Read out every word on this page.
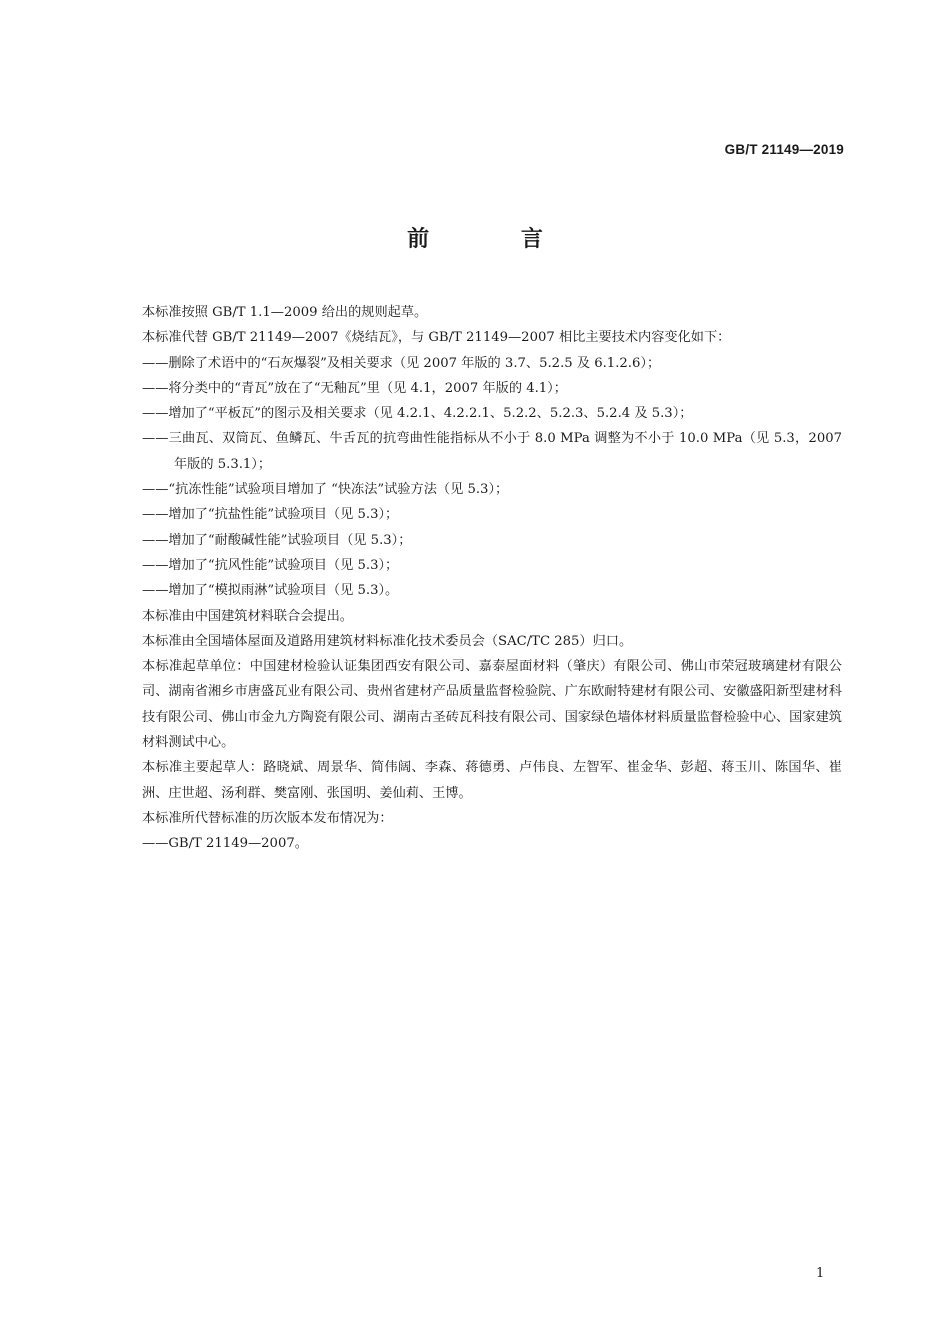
GB/T 21149—2019
前 言

本标准按照 GB/T 1.1—2009 给出的规则起草。

本标准代替 GB/T 21149—2007《烧结瓦》，与 GB/T 21149—2007 相比主要技术内容变化如下：

——删除了术语中的“石灰爆裂”及相关要求（见 2007 年版的 3.7、5.2.5 及 6.1.2.6）；

——将分类中的“青瓦”放在了“无釉瓦”里（见 4.1，2007 年版的 4.1）；

——增加了“平板瓦”的图示及相关要求（见 4.2.1、4.2.2.1、5.2.2、5.2.3、5.2.4 及 5.3）；

——三曲瓦、双筒瓦、鱼鳞瓦、牛舌瓦的抗弯曲性能指标从不小于 8.0 MPa 调整为不小于 10.0 MPa（见 5.3，2007 年版的 5.3.1）；

——“抗冻性能”试验项目增加了 “快冻法”试验方法（见 5.3）；

——增加了“抗盐性能”试验项目（见 5.3）；

——增加了“耐酸碱性能”试验项目（见 5.3）；

——增加了“抗风性能”试验项目（见 5.3）；

——增加了“模拟雨淋”试验项目（见 5.3）。

本标准由中国建筑材料联合会提出。

本标准由全国墙体屋面及道路用建筑材料标准化技术委员会（SAC/TC 285）归口。

本标准起草单位：中国建材检验认证集团西安有限公司、嘉泰屋面材料（肇庆）有限公司、佛山市荣冠玻璃建材有限公司、湖南省湘乡市唐盛瓦业有限公司、贵州省建材产品质量监督检验院、广东欧耐特建材有限公司、安徽盛阳新型建材科技有限公司、佛山市金九方陶瓷有限公司、湖南古圣砖瓦科技有限公司、国家绿色墙体材料质量监督检验中心、国家建筑材料测试中心。

本标准主要起草人：路晓斌、周景华、简伟阔、李森、蒋德勇、卢伟良、左智军、崔金华、彭超、蒋玉川、陈国华、崔洲、庄世超、汤利群、樊富刚、张国明、姜仙莉、王博。

本标准所代替标准的历次版本发布情况为：

——GB/T 21149—2007。

1
